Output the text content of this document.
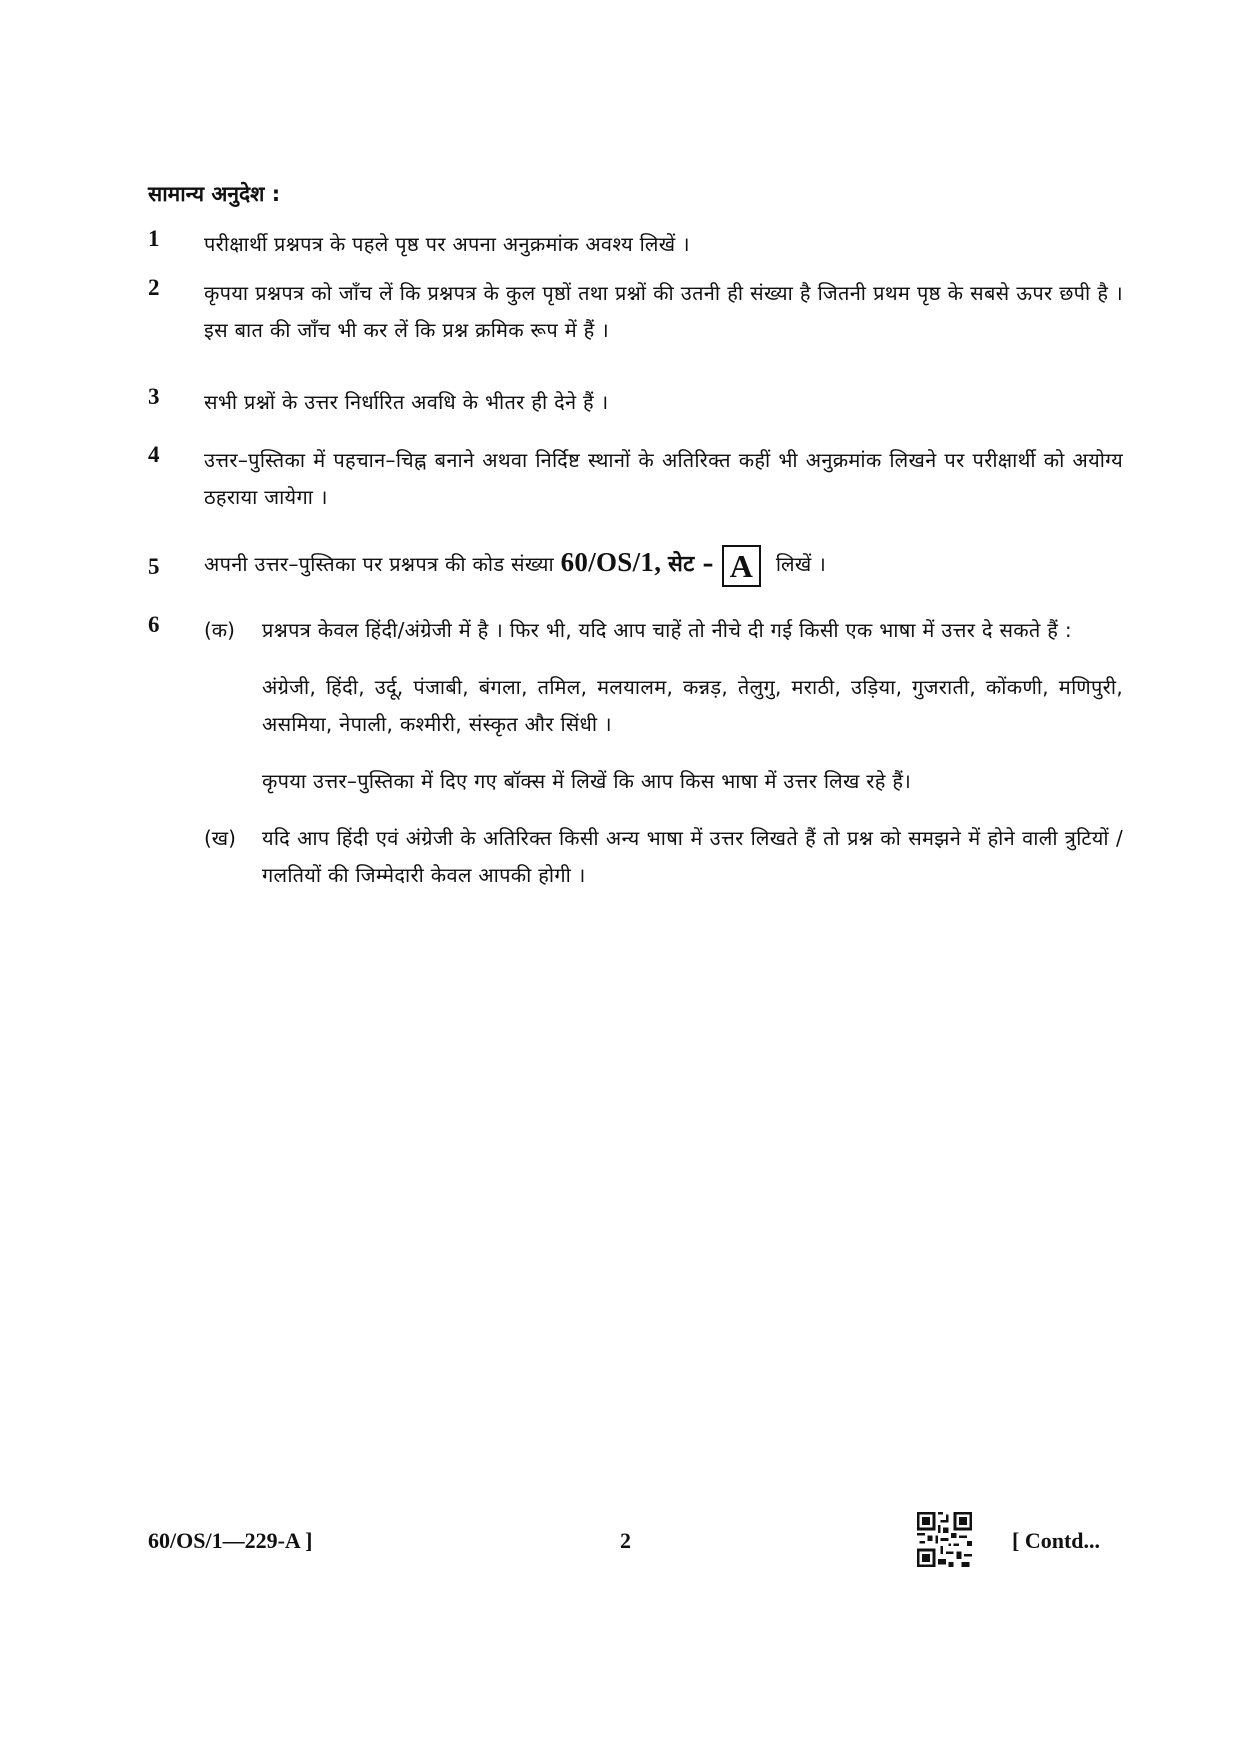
सामान्य अनुदेश :
1 परीक्षार्थी प्रश्नपत्र के पहले पृष्ठ पर अपना अनुक्रमांक अवश्य लिखें ।
2 कृपया प्रश्नपत्र को जाँच लें कि प्रश्नपत्र के कुल पृष्ठों तथा प्रश्नों की उतनी ही संख्या है जितनी प्रथम पृष्ठ के सबसे ऊपर छपी है । इस बात की जाँच भी कर लें कि प्रश्न क्रमिक रूप में हैं ।
3 सभी प्रश्नों के उत्तर निर्धारित अवधि के भीतर ही देने हैं ।
4 उत्तर–पुस्तिका में पहचान–चिह्न बनाने अथवा निर्दिष्ट स्थानों के अतिरिक्त कहीं भी अनुक्रमांक लिखने पर परीक्षार्थी को अयोग्य ठहराया जायेगा ।
5 अपनी उत्तर–पुस्तिका पर प्रश्नपत्र की कोड संख्या 60/OS/1, सेट – A लिखें ।
6 (क) प्रश्नपत्र केवल हिंदी/अंग्रेजी में है । फिर भी, यदि आप चाहें तो नीचे दी गई किसी एक भाषा में उत्तर दे सकते हैं :
अंग्रेजी, हिंदी, उर्दू, पंजाबी, बंगला, तमिल, मलयालम, कन्नड़, तेलुगु, मराठी, उड़िया, गुजराती, कोंकणी, मणिपुरी, असमिया, नेपाली, कश्मीरी, संस्कृत और सिंधी ।
कृपया उत्तर–पुस्तिका में दिए गए बॉक्स में लिखें कि आप किस भाषा में उत्तर लिख रहे हैं।
(ख) यदि आप हिंदी एवं अंग्रेजी के अतिरिक्त किसी अन्य भाषा में उत्तर लिखते हैं तो प्रश्न को समझने में होने वाली त्रुटियों / गलतियों की जिम्मेदारी केवल आपकी होगी ।
60/OS/1—229-A ]	2	[ Contd...
